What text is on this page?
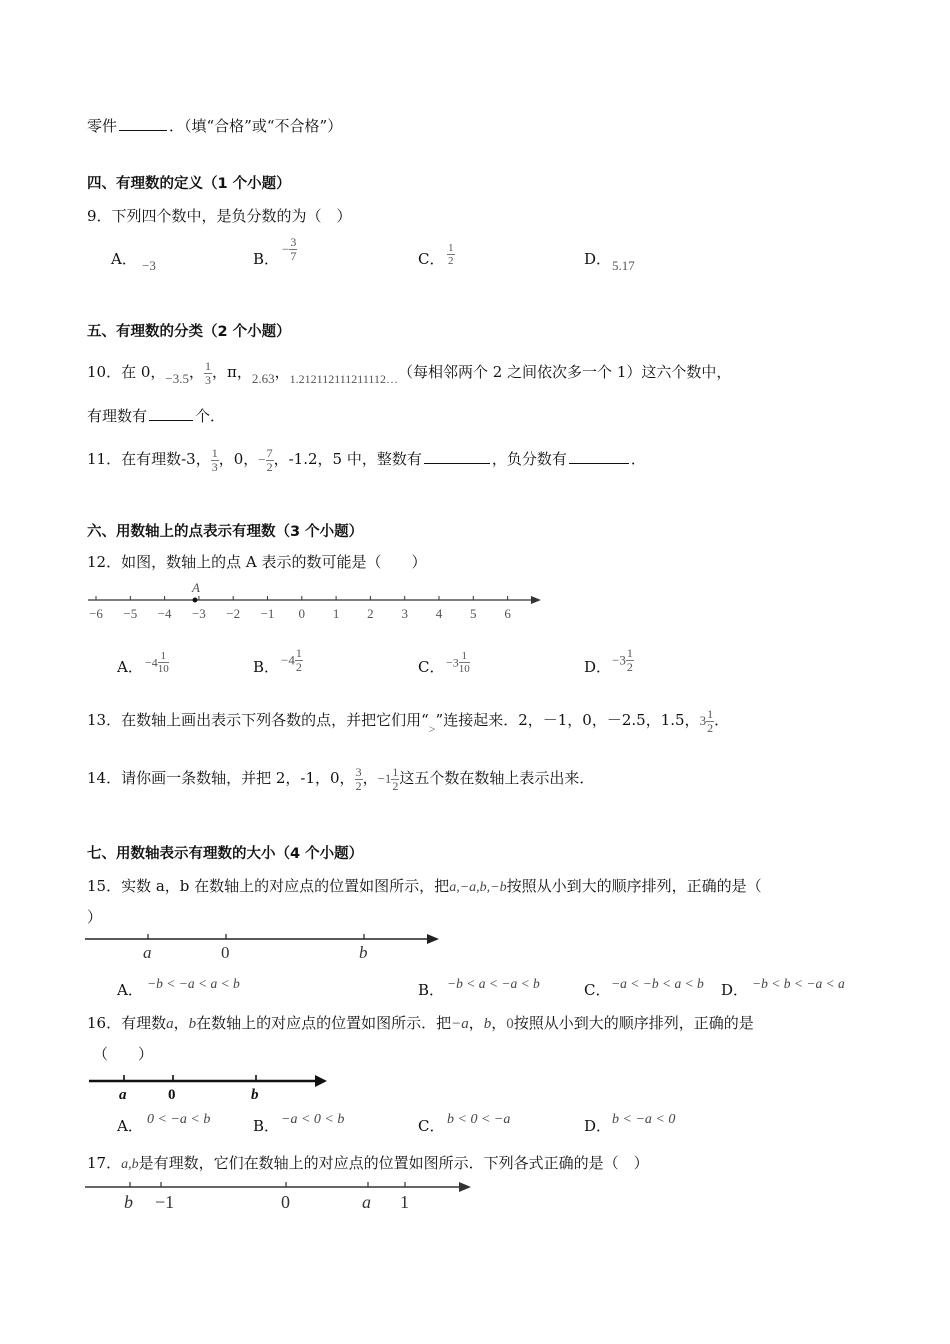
零件	．（填“合格”或“不合格”）
四、有理数的定义（1 个小题）
9．下列四个数中，是负分数的为（　）
A． −3	B．
− $\frac{3}{7}$	C． $\frac{1}{2}$	D． 5.17
五、有理数的分类（2 个小题）
10．在 0，−3.5， $\frac{1}{3}$ ，π，2.63，$_{1.212112111211112\dots}$（每相邻两个 2 之间依次多一个 1）这六个数中，
有理数有	个．
11．在有理数-3， $\frac{1}{3}$ ，0，− $\frac{7}{2}$ ，-1.2，5 中，整数有	，负分数有	．
六、用数轴上的点表示有理数（3 个小题）
12．如图，数轴上的点 A 表示的数可能是（　　）
−6 −5 −4 −3 −2 −1 0 1 2 3 4 5 6
A
A． $-4 \frac{1}{10}$	B． $-4 \frac{1}{2}$	C． $-3 \frac{1}{10}$	D． $-3 \frac{1}{2}$
13．在数轴上画出表示下列各数的点，并把它们用“$_>$”连接起来．2，－1，0，－2.5，1.5，$3 \frac{1}{2}$ ．
14．请你画一条数轴，并把 2，-1，0， $\frac{3}{2}$ ，$-1 \frac{1}{2}$ 这五个数在数轴上表示出来．
七、用数轴表示有理数的大小（4 个小题）
15．实数 a，b 在数轴上的对应点的位置如图所示，把a,−a,b,−b按照从小到大的顺序排列，正确的是（
）
a	0	b
A． −b < −a < a < b	B． −b < a < −a < b	C． −a < −b < a < b D． −b < b < −a < a
16．有理数a，b在数轴上的对应点的位置如图所示．把−a，b，0按照从小到大的顺序排列，正确的是
（　　）
a	0	b
A． 0 < −a < b	B． −a < 0 < b	C． b < 0 < −a	D． b < −a < 0
17．a,b是有理数，它们在数轴上的对应点的位置如图所示．下列各式正确的是（　）
b −1	0	a 1
